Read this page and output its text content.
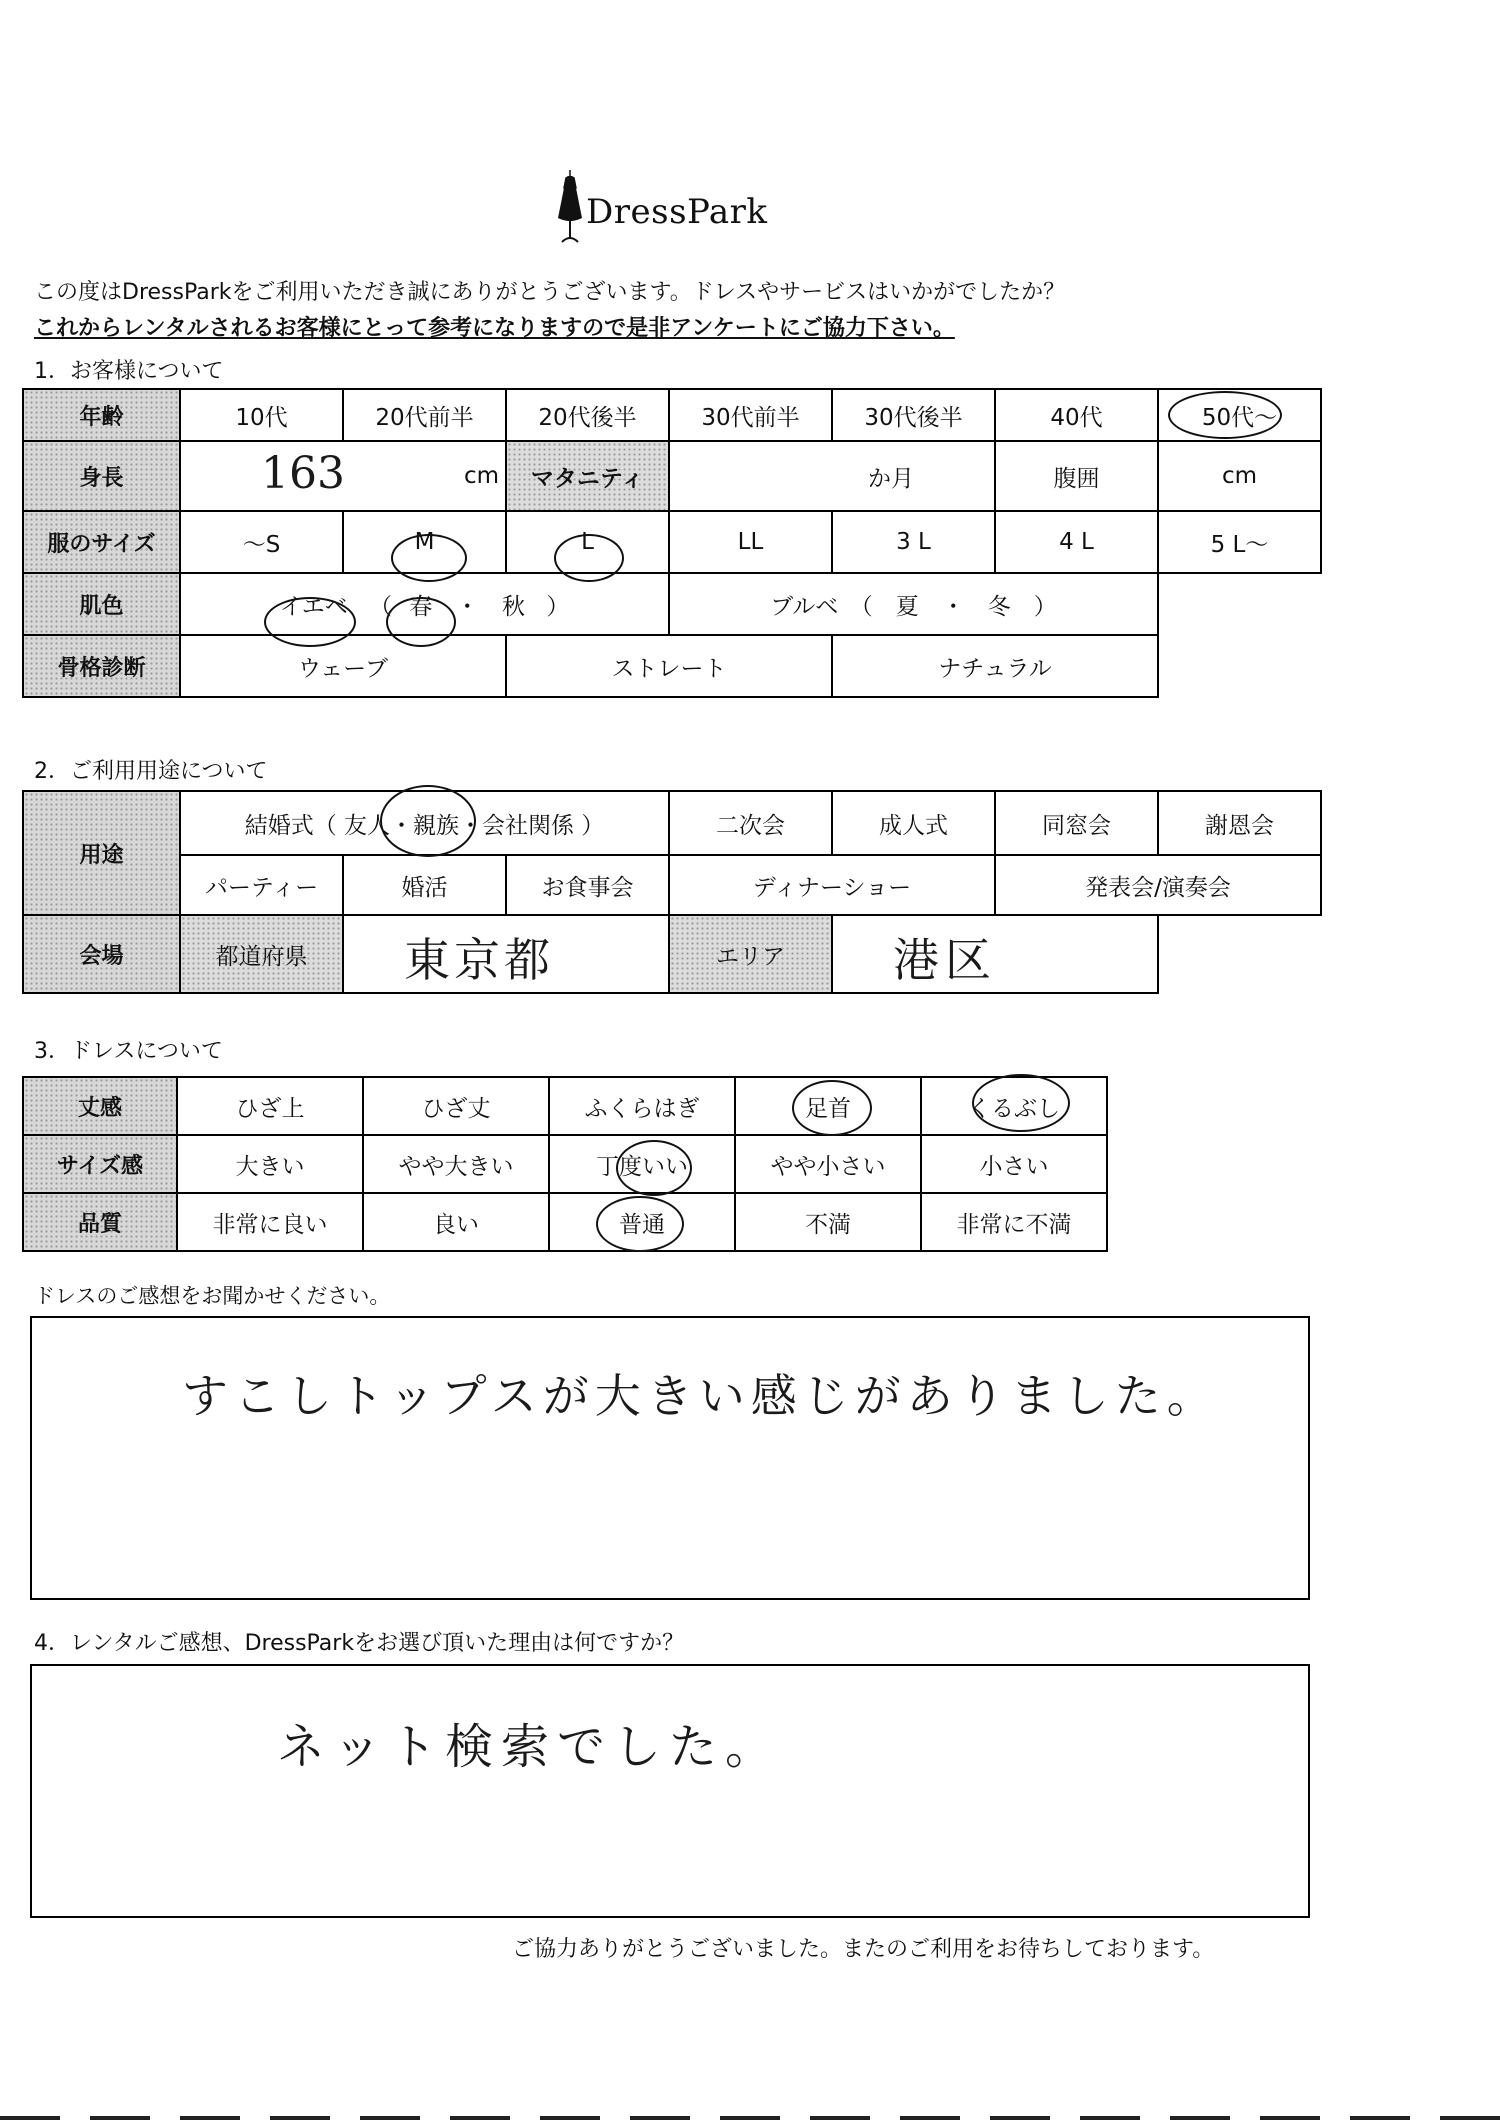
DressPark
この度はDressParkをご利用いただき誠にありがとうございます。ドレスやサービスはいかがでしたか？
これからレンタルされるお客様にとって参考になりますので是非アンケートにご協力下さい。
1．お客様について
年齢	10代	20代前半	20代後半	30代前半	30代後半	40代	50代～
身長	163 cm		マタニティ	か月		腹囲	cm
服のサイズ	～S	M	L	LL	3 L	4 L	5 L～
肌色	イエベ （ 春 ・ 秋 ）			ブルベ　（　夏　・　冬　）			
骨格診断	ウェーブ		ストレート		ナチュラル		
2．ご利用用途について
用途	結婚式（ 友人・親族・会社関係 ）			二次会	成人式	同窓会	謝恩会
	パーティー	婚活	お食事会	ディナーショー		発表会/演奏会	
会場	都道府県	東京都		エリア	港区		

3．ドレスについて
丈感	ひざ上	ひざ丈	ふくらはぎ	足首	くるぶし
サイズ感	大きい	やや大きい	丁度いい	やや小さい	小さい
品質	非常に良い	良い	普通	不満	非常に不満
ドレスのご感想をお聞かせください。
すこしトップスが大きい感じがありました。
4．レンタルご感想、DressParkをお選び頂いた理由は何ですか？
ネット検索でした。
ご協力ありがとうございました。またのご利用をお待ちしております。
